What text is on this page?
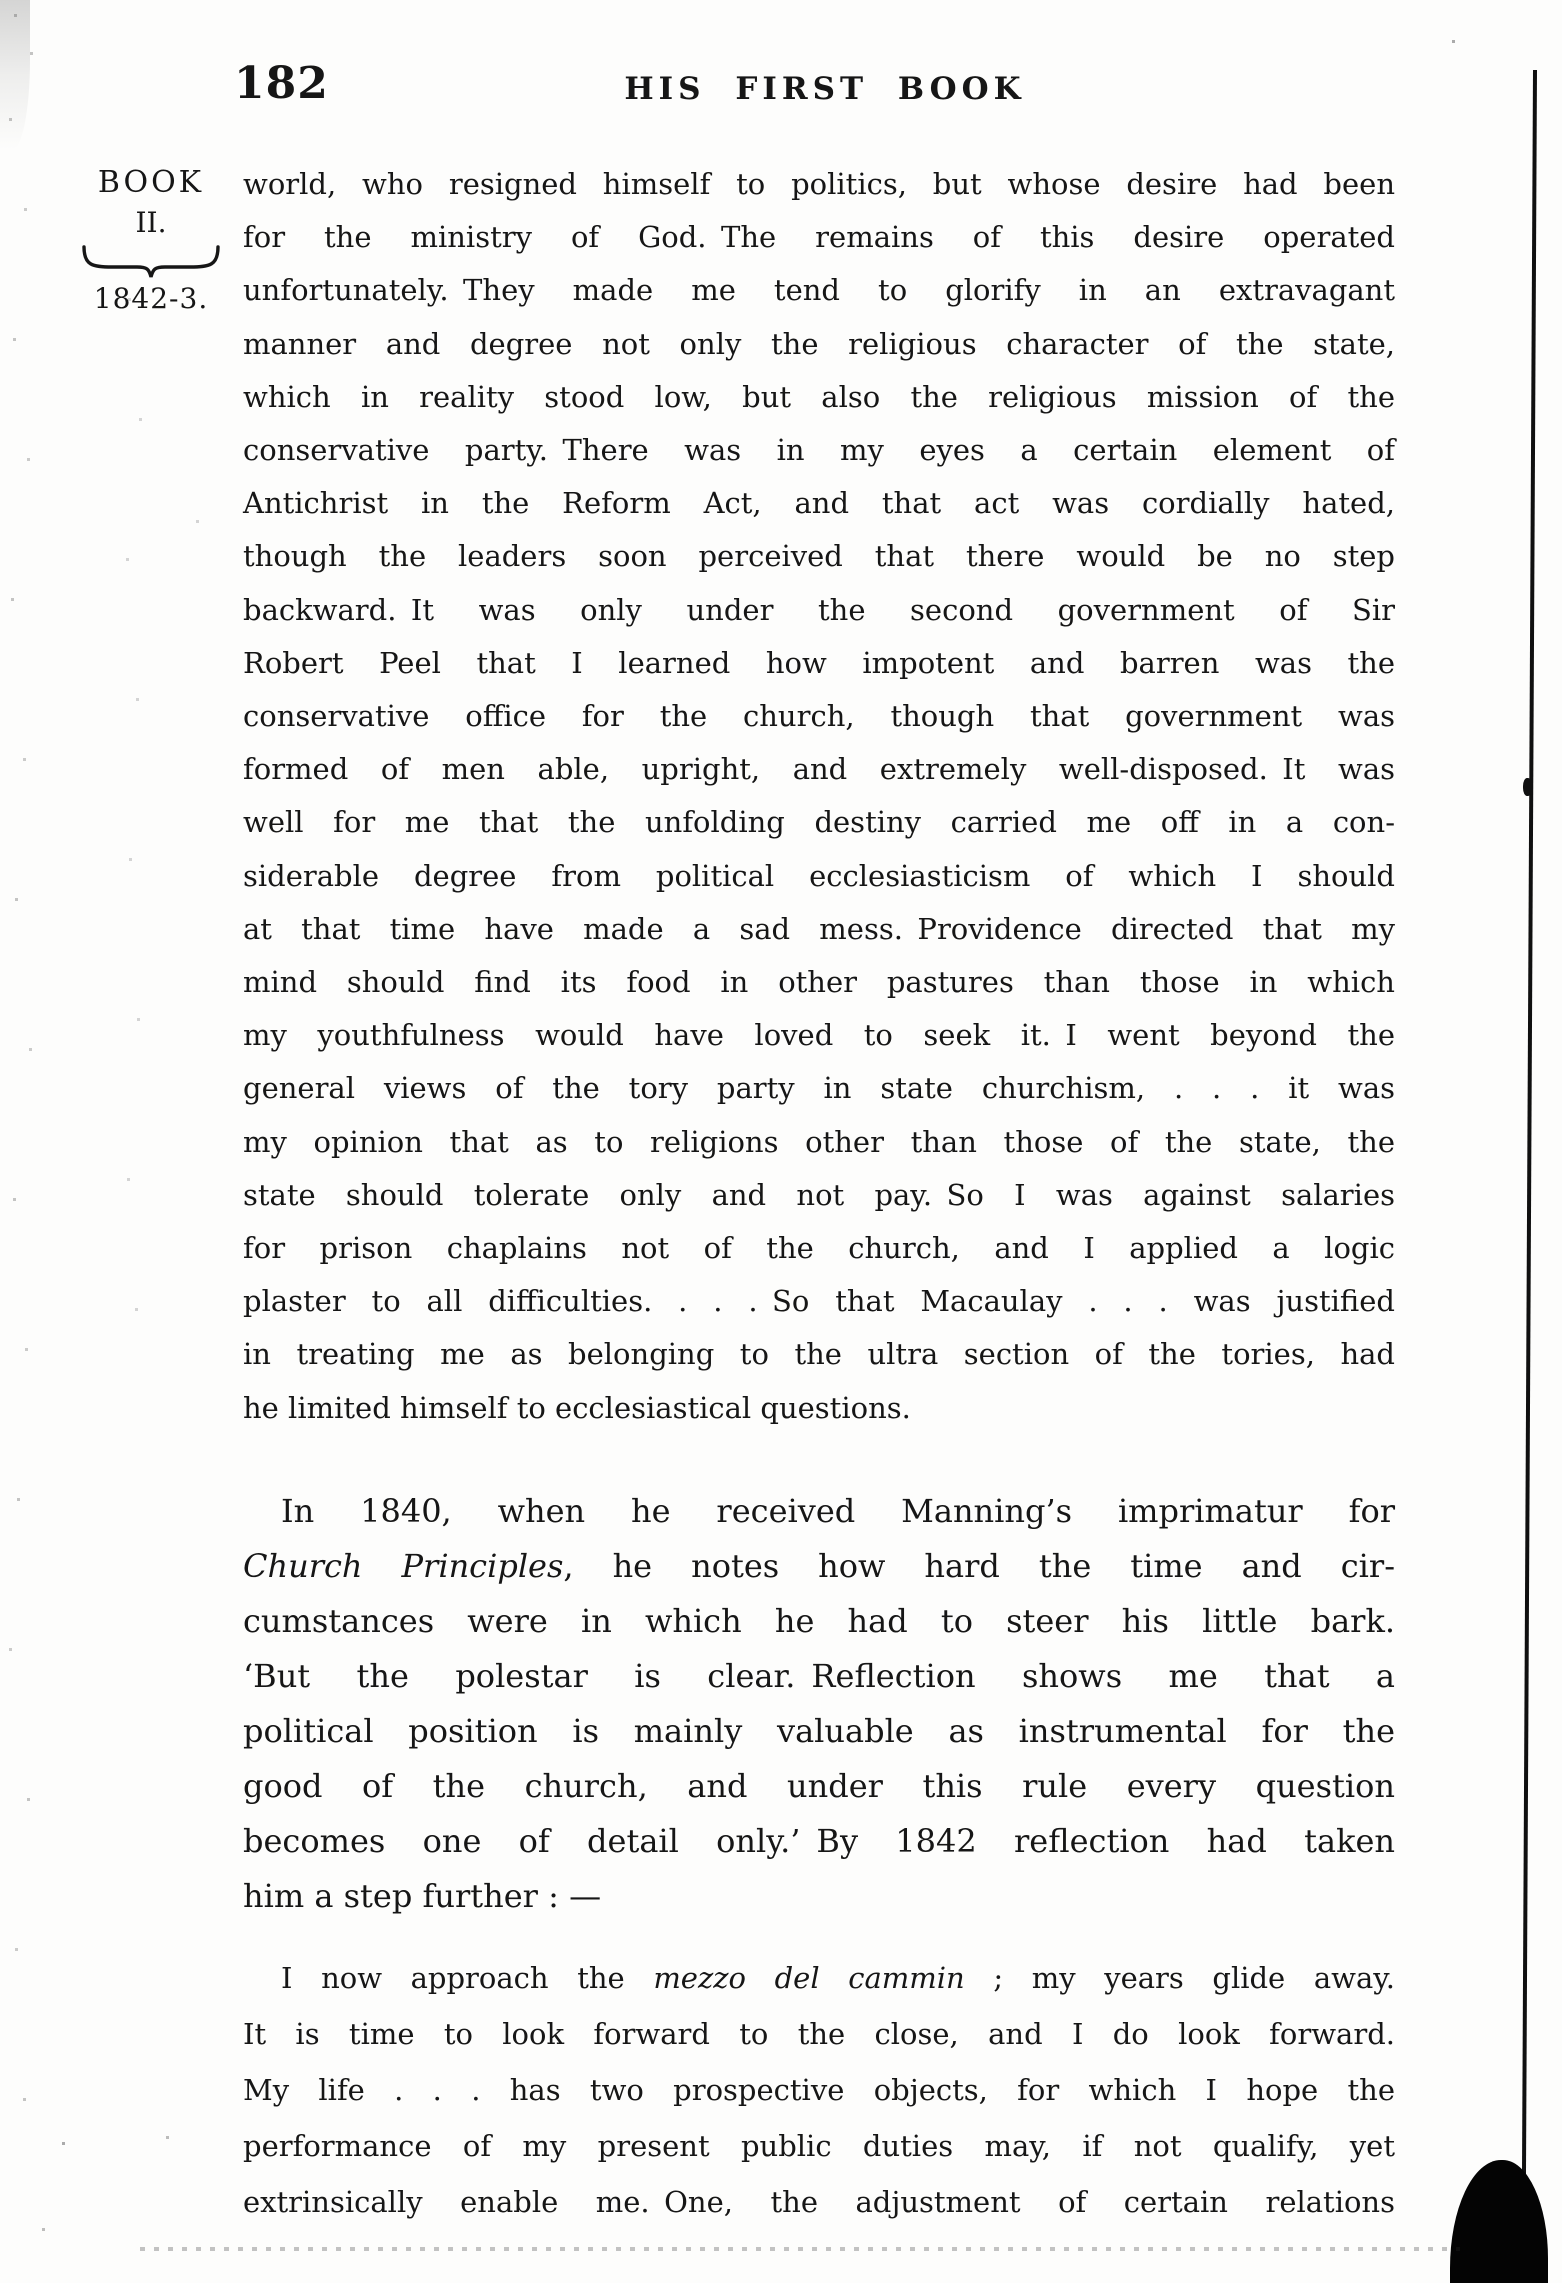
182	HIS FIRST BOOK
BOOK
II.
1842-3.
world, who resigned himself to politics, but whose desire had been
for the ministry of God. The remains of this desire operated
unfortunately. They made me tend to glorify in an extravagant
manner and degree not only the religious character of the state,
which in reality stood low, but also the religious mission of the
conservative party. There was in my eyes a certain element of
Antichrist in the Reform Act, and that act was cordially hated,
though the leaders soon perceived that there would be no step
backward. It was only under the second government of Sir
Robert Peel that I learned how impotent and barren was the
conservative office for the church, though that government was
formed of men able, upright, and extremely well-disposed. It was
well for me that the unfolding destiny carried me off in a con-
siderable degree from political ecclesiasticism of which I should
at that time have made a sad mess. Providence directed that my
mind should find its food in other pastures than those in which
my youthfulness would have loved to seek it. I went beyond the
general views of the tory party in state churchism, . . . it was
my opinion that as to religions other than those of the state, the
state should tolerate only and not pay. So I was against salaries
for prison chaplains not of the church, and I applied a logic
plaster to all difficulties. . . . So that Macaulay . . . was justified
in treating me as belonging to the ultra section of the tories, had
he limited himself to ecclesiastical questions.
In 1840, when he received Manning’s imprimatur for
Church Principles, he notes how hard the time and cir-
cumstances were in which he had to steer his little bark.
‘But the polestar is clear. Reflection shows me that a
political position is mainly valuable as instrumental for the
good of the church, and under this rule every question
becomes one of detail only.’ By 1842 reflection had taken
him a step further : —
I now approach the mezzo del cammin ; my years glide away.
It is time to look forward to the close, and I do look forward.
My life . . . has two prospective objects, for which I hope the
performance of my present public duties may, if not qualify, yet
extrinsically enable me. One, the adjustment of certain relations
